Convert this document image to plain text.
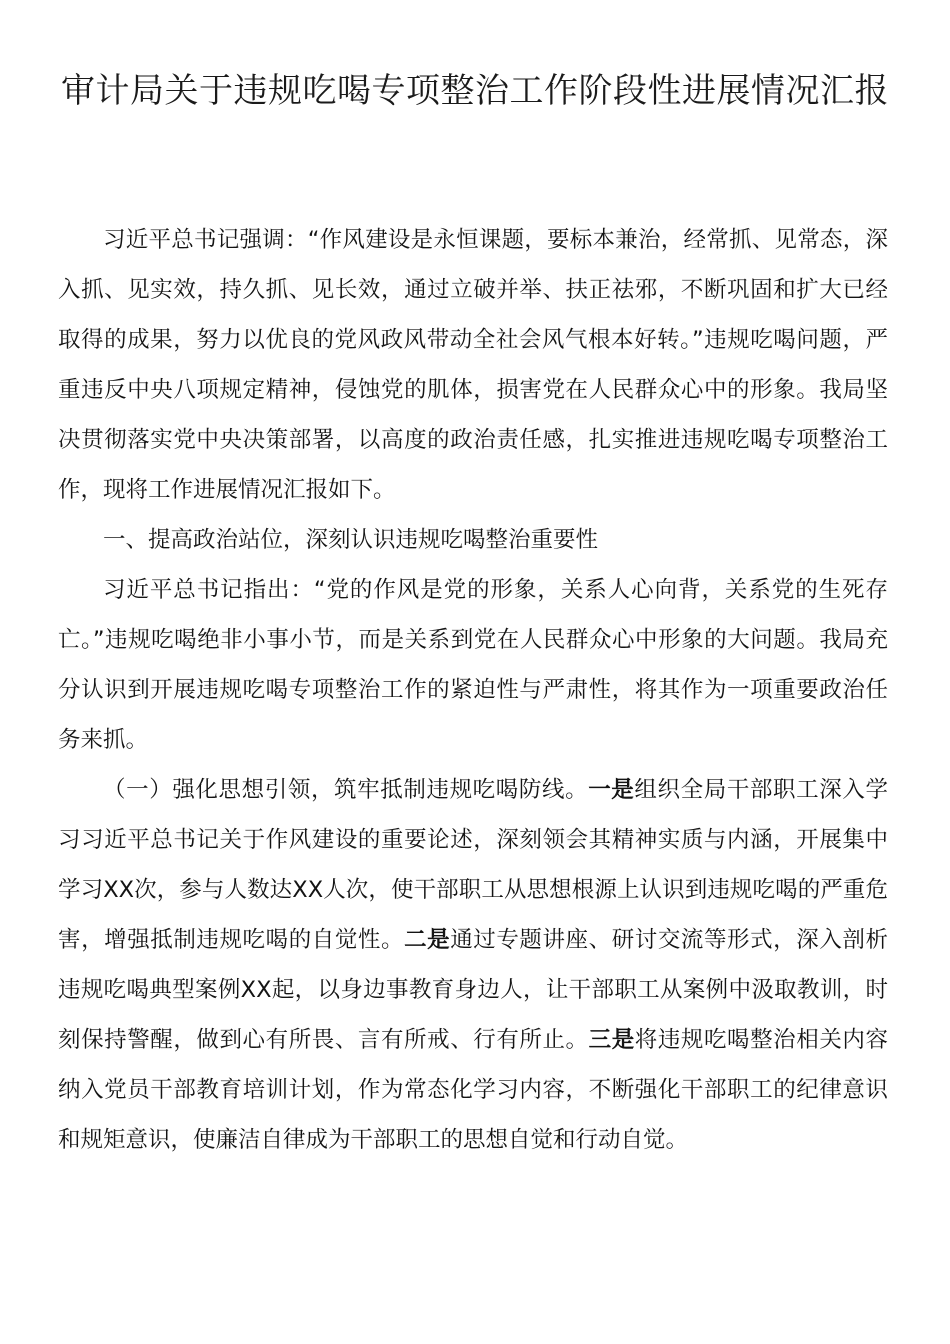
审计局关于违规吃喝专项整治工作阶段性进展情况汇报

习近平总书记强调：“作风建设是永恒课题，要标本兼治，经常抓、见常态，深入抓、见实效，持久抓、见长效，通过立破并举、扶正祛邪，不断巩固和扩大已经取得的成果，努力以优良的党风政风带动全社会风气根本好转。”违规吃喝问题，严重违反中央八项规定精神，侵蚀党的肌体，损害党在人民群众心中的形象。我局坚决贯彻落实党中央决策部署，以高度的政治责任感，扎实推进违规吃喝专项整治工作，现将工作进展情况汇报如下。

一、提高政治站位，深刻认识违规吃喝整治重要性

习近平总书记指出：“党的作风是党的形象，关系人心向背，关系党的生死存亡。”违规吃喝绝非小事小节，而是关系到党在人民群众心中形象的大问题。我局充分认识到开展违规吃喝专项整治工作的紧迫性与严肃性，将其作为一项重要政治任务来抓。

（一）强化思想引领，筑牢抵制违规吃喝防线。一是组织全局干部职工深入学习习近平总书记关于作风建设的重要论述，深刻领会其精神实质与内涵，开展集中学习XX次，参与人数达XX人次，使干部职工从思想根源上认识到违规吃喝的严重危害，增强抵制违规吃喝的自觉性。二是通过专题讲座、研讨交流等形式，深入剖析违规吃喝典型案例XX起，以身边事教育身边人，让干部职工从案例中汲取教训，时刻保持警醒，做到心有所畏、言有所戒、行有所止。三是将违规吃喝整治相关内容纳入党员干部教育培训计划，作为常态化学习内容，不断强化干部职工的纪律意识和规矩意识，使廉洁自律成为干部职工的思想自觉和行动自觉。
